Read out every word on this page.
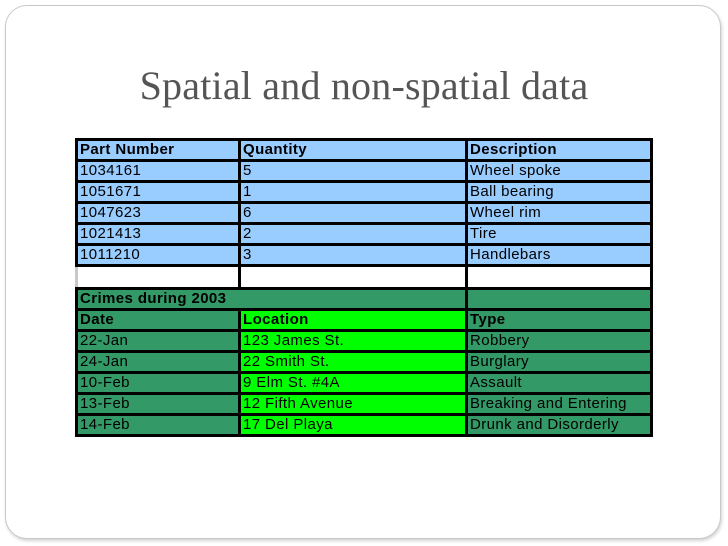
Spatial and non-spatial data
Part Number	Quantity	Description
1034161	5	Wheel spoke
1051671	1	Ball bearing
1047623	6	Wheel rim
1021413	2	Tire
1011210	3	Handlebars

Crimes during 2003		
Date	Location	Type
22-Jan	123 James St.	Robbery
24-Jan	22 Smith St.	Burglary
10-Feb	9 Elm St. #4A	Assault
13-Feb	12 Fifth Avenue	Breaking and Entering
14-Feb	17 Del Playa	Drunk and Disorderly
